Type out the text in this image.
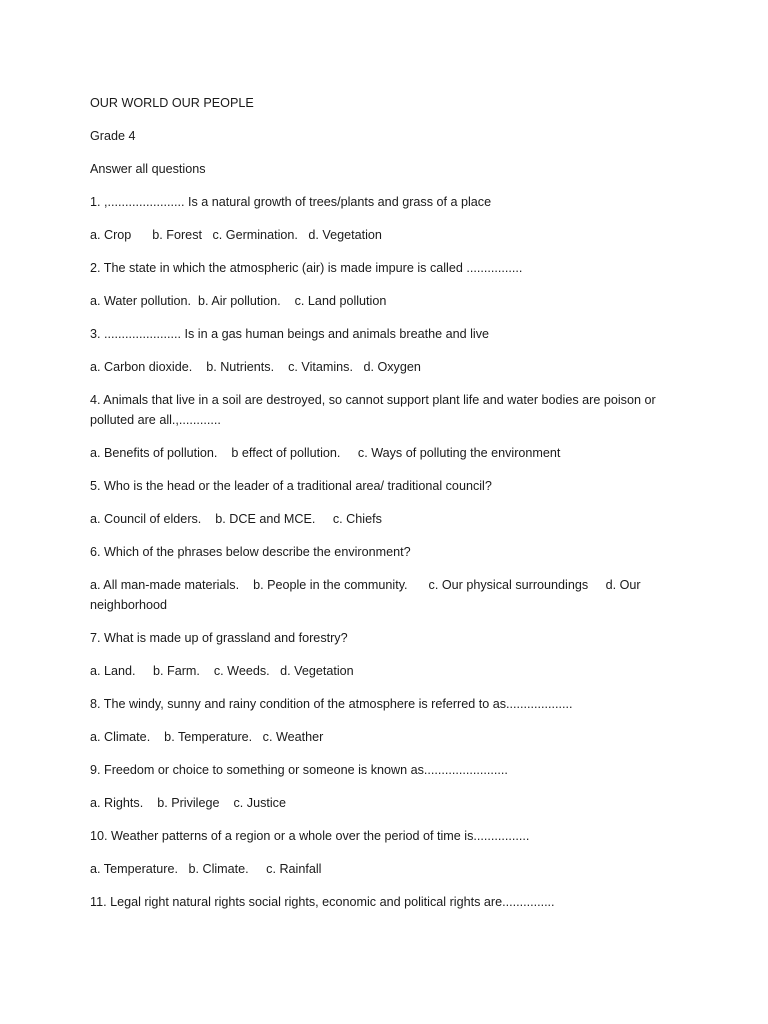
OUR WORLD OUR PEOPLE
Grade 4
Answer all questions
1. ,...................... Is a natural growth of trees/plants and grass of a place
a. Crop      b. Forest   c. Germination.   d. Vegetation
2. The state in which the atmospheric (air) is made impure is called ................
a. Water pollution.  b. Air pollution.    c. Land pollution
3. ...................... Is in a gas human beings and animals breathe and live
a. Carbon dioxide.    b. Nutrients.    c. Vitamins.   d. Oxygen
4. Animals that live in a soil are destroyed, so cannot support plant life and water bodies are poison or polluted are all.,............
a. Benefits of pollution.    b effect of pollution.     c. Ways of polluting the environment
5. Who is the head or the leader of a traditional area/ traditional council?
a. Council of elders.    b. DCE and MCE.     c. Chiefs
6. Which of the phrases below describe the environment?
a. All man-made materials.    b. People in the community.      c. Our physical surroundings     d. Our neighborhood
7. What is made up of grassland and forestry?
a. Land.     b. Farm.    c. Weeds.   d. Vegetation
8. The windy, sunny and rainy condition of the atmosphere is referred to as...................
a. Climate.    b. Temperature.   c. Weather
9. Freedom or choice to something or someone is known as........................
a. Rights.    b. Privilege    c. Justice
10. Weather patterns of a region or a whole over the period of time is................
a. Temperature.   b. Climate.     c. Rainfall
11. Legal right natural rights social rights, economic and political rights are...............
